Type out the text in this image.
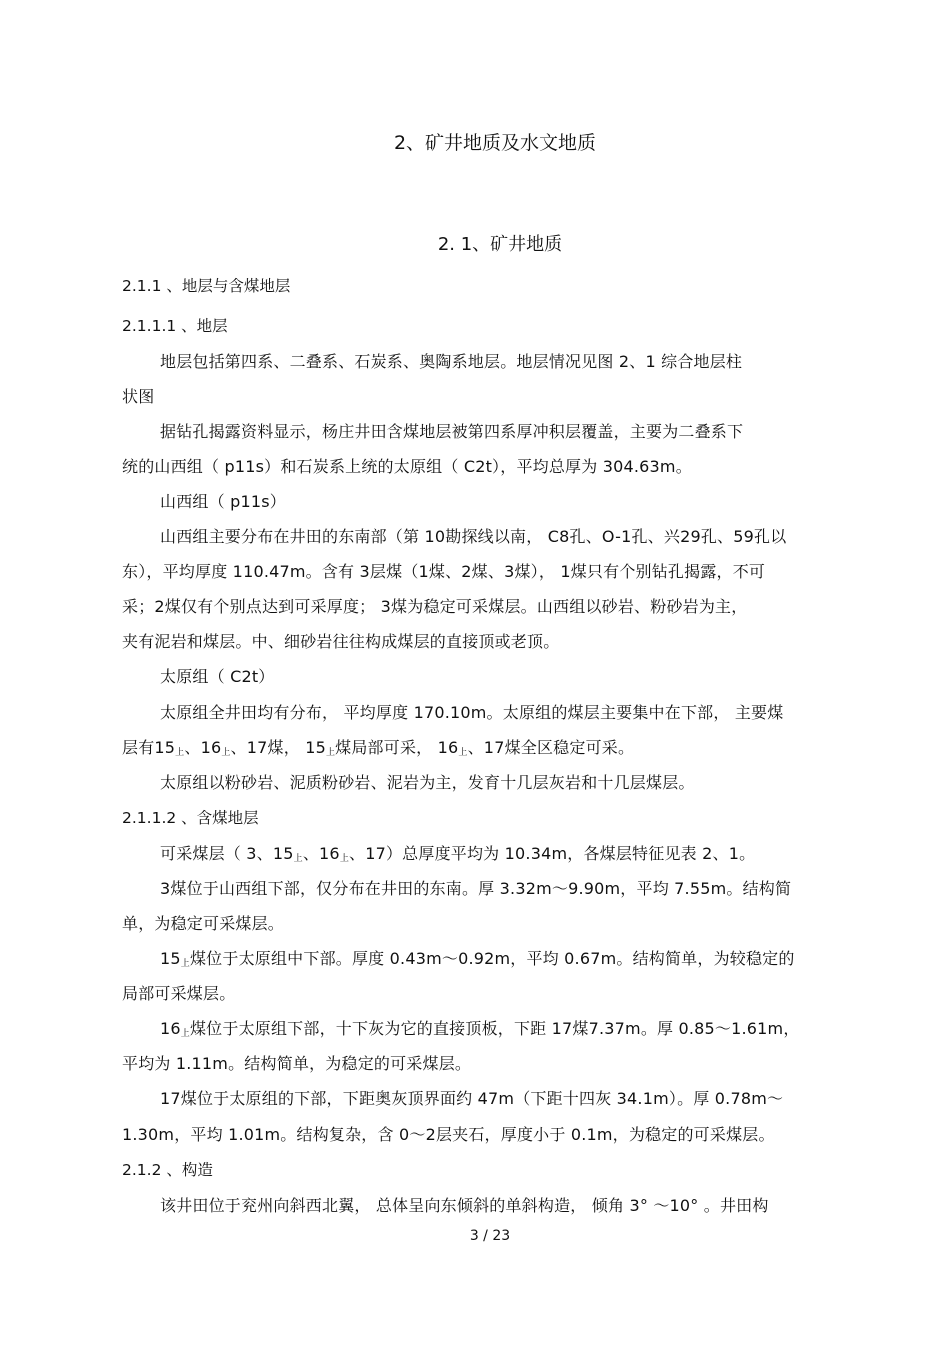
2、矿井地质及水文地质
2. 1、矿井地质
2.1.1 、地层与含煤地层
2.1.1.1 、地层
地层包括第四系、二叠系、石炭系、奥陶系地层。地层情况见图 2、1 综合地层柱
状图
据钻孔揭露资料显示，杨庄井田含煤地层被第四系厚冲积层覆盖，主要为二叠系下
统的山西组（ p11s）和石炭系上统的太原组（ C2t），平均总厚为 304.63m。
山西组（ p11s）
山西组主要分布在井田的东南部（第 10勘探线以南， C8孔、O-1孔、兴29孔、59孔以
东），平均厚度 110.47m。含有 3层煤（1煤、2煤、3煤）， 1煤只有个别钻孔揭露，不可
采；2煤仅有个别点达到可采厚度； 3煤为稳定可采煤层。山西组以砂岩、粉砂岩为主，
夹有泥岩和煤层。中、细砂岩往往构成煤层的直接顶或老顶。
太原组（ C2t）
太原组全井田均有分布， 平均厚度 170.10m。太原组的煤层主要集中在下部， 主要煤
层有$15_上$、$16_上$、17煤， $15_上$煤局部可采， $16_上$、17煤全区稳定可采。
太原组以粉砂岩、泥质粉砂岩、泥岩为主，发育十几层灰岩和十几层煤层。
2.1.1.2 、含煤地层
可采煤层（ 3、$15_上$、$16_上$、17）总厚度平均为 10.34m，各煤层特征见表 2、1。
3煤位于山西组下部，仅分布在井田的东南。厚 3.32m～9.90m，平均 7.55m。结构简
单，为稳定可采煤层。
$15_上$煤位于太原组中下部。厚度 0.43m～0.92m，平均 0.67m。结构简单，为较稳定的
局部可采煤层。
$16_上$煤位于太原组下部，十下灰为它的直接顶板，下距 17煤7.37m。厚 0.85～1.61m，
平均为 1.11m。结构简单，为稳定的可采煤层。
17煤位于太原组的下部，下距奥灰顶界面约 47m（下距十四灰 34.1m）。厚 0.78m～
1.30m，平均 1.01m。结构复杂，含 0～2层夹石，厚度小于 0.1m，为稳定的可采煤层。
2.1.2 、构造
该井田位于兖州向斜西北翼， 总体呈向东倾斜的单斜构造， 倾角 3° ～10° 。井田构
3 / 23
